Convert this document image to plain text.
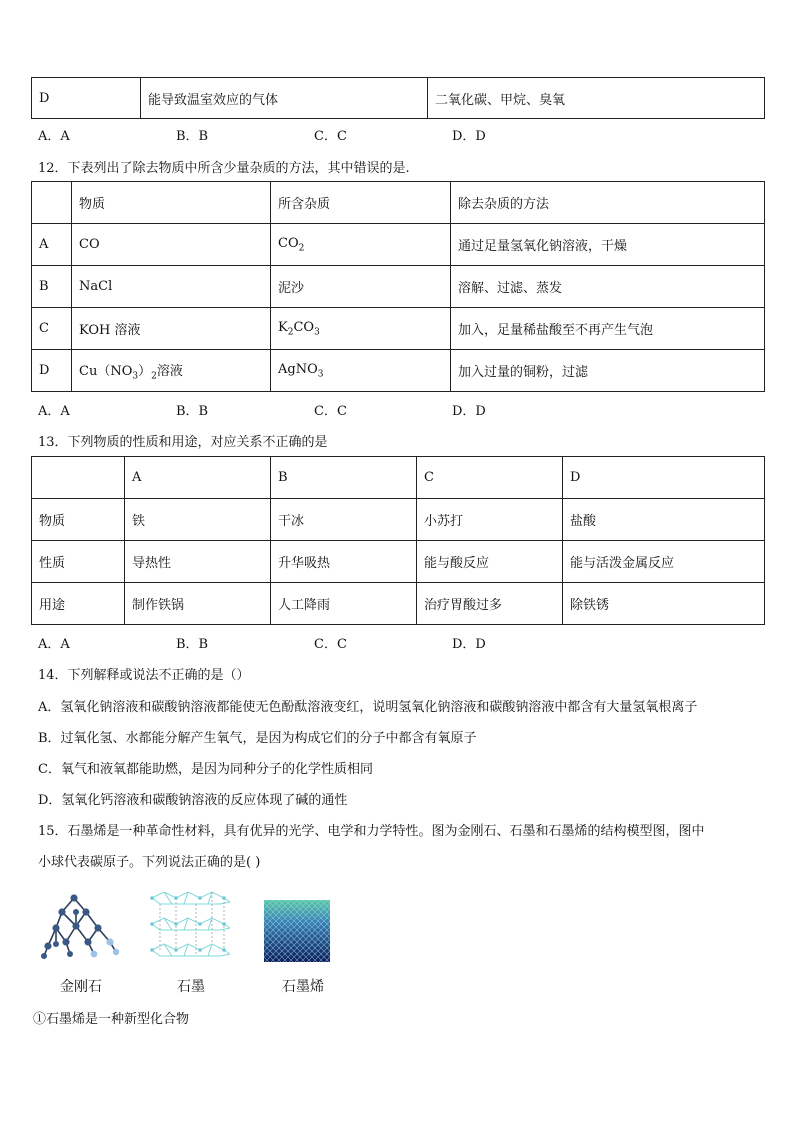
D	能导致温室效应的气体	二氧化碳、甲烷、臭氧
A．A	B．B	C．C	D．D
12．下表列出了除去物质中所含少量杂质的方法，其中错误的是.
	物质	所含杂质	除去杂质的方法
A	CO	$CO_2$	通过足量氢氧化钠溶液，干燥
B	NaCl	泥沙	溶解、过滤、蒸发
C	KOH 溶液	$K_2CO_3$	加入，足量稀盐酸至不再产生气泡
D	$Cu(NO_3)_2$溶液	AgNO$_3$	加入过量的铜粉，过滤
A．A	B．B	C．C	D．D
13．下列物质的性质和用途，对应关系不正确的是
	A	B	C	D
物质	铁	干冰	小苏打	盐酸
性质	导热性	升华吸热	能与酸反应	能与活泼金属反应
用途	制作铁锅	人工降雨	治疗胃酸过多	除铁锈
A．A	B．B	C．C	D．D
14．下列解释或说法不正确的是（）
A．氢氧化钠溶液和碳酸钠溶液都能使无色酚酞溶液变红，说明氢氧化钠溶液和碳酸钠溶液中都含有大量氢氧根离子
B．过氧化氢、水都能分解产生氧气，是因为构成它们的分子中都含有氧原子
C．氧气和液氧都能助燃，是因为同种分子的化学性质相同
D．氢氧化钙溶液和碳酸钠溶液的反应体现了碱的通性
15．石墨烯是一种革命性材料，具有优异的光学、电学和力学特性。图为金刚石、石墨和石墨烯的结构模型图，图中
小球代表碳原子。下列说法正确的是( )
金刚石	石墨	石墨烯
①石墨烯是一种新型化合物
